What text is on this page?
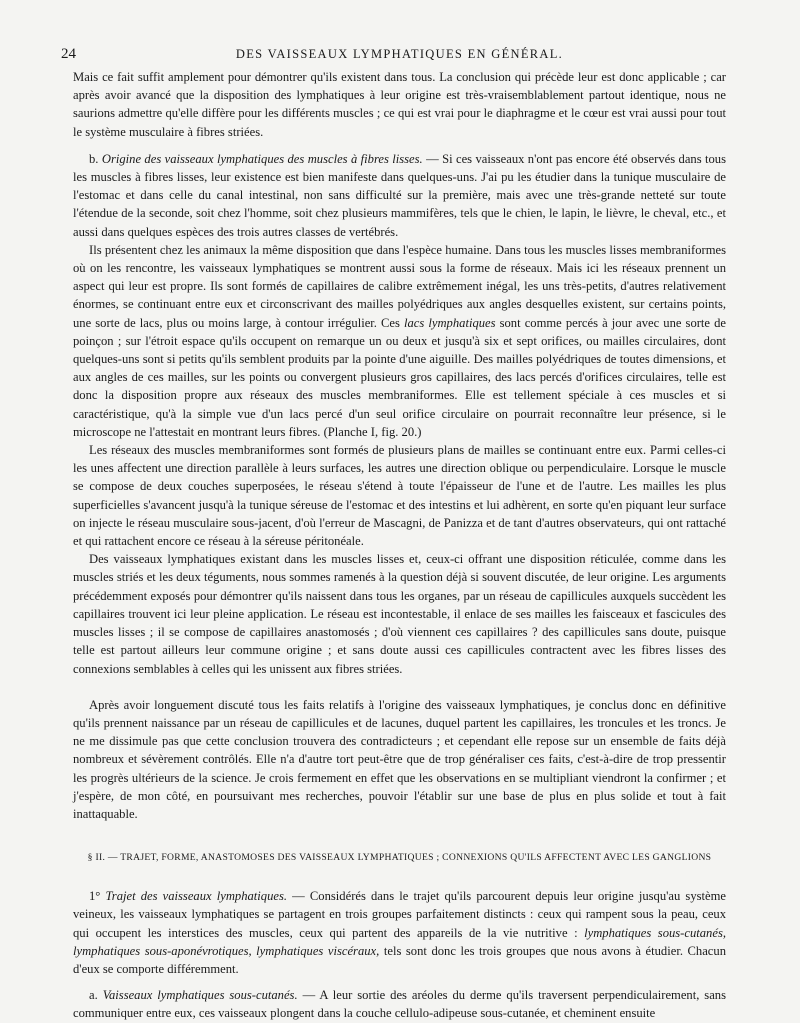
24	DES VAISSEAUX LYMPHATIQUES EN GÉNÉRAL.

Mais ce fait suffit amplement pour démontrer qu'ils existent dans tous. La conclusion qui précède leur est donc applicable ; car après avoir avancé que la disposition des lymphatiques à leur origine est très-vraisemblablement partout identique, nous ne saurions admettre qu'elle diffère pour les différents muscles ; ce qui est vrai pour le diaphragme et le cœur est vrai aussi pour tout le système musculaire à fibres striées.

b. Origine des vaisseaux lymphatiques des muscles à fibres lisses. — Si ces vaisseaux n'ont pas encore été observés dans tous les muscles à fibres lisses, leur existence est bien manifeste dans quelques-uns. J'ai pu les étudier dans la tunique musculaire de l'estomac et dans celle du canal intestinal, non sans difficulté sur la première, mais avec une très-grande netteté sur toute l'étendue de la seconde, soit chez l'homme, soit chez plusieurs mammifères, tels que le chien, le lapin, le lièvre, le cheval, etc., et aussi dans quelques espèces des trois autres classes de vertébrés.

Ils présentent chez les animaux la même disposition que dans l'espèce humaine. Dans tous les muscles lisses membraniformes où on les rencontre, les vaisseaux lymphatiques se montrent aussi sous la forme de réseaux. Mais ici les réseaux prennent un aspect qui leur est propre. Ils sont formés de capillaires de calibre extrêmement inégal, les uns très-petits, d'autres relativement énormes, se continuant entre eux et circonscrivant des mailles polyédriques aux angles desquelles existent, sur certains points, une sorte de lacs, plus ou moins large, à contour irrégulier. Ces lacs lymphatiques sont comme percés à jour avec une sorte de poinçon ; sur l'étroit espace qu'ils occupent on remarque un ou deux et jusqu'à six et sept orifices, ou mailles circulaires, dont quelques-uns sont si petits qu'ils semblent produits par la pointe d'une aiguille. Des mailles polyédriques de toutes dimensions, et aux angles de ces mailles, sur les points ou convergent plusieurs gros capillaires, des lacs percés d'orifices circulaires, telle est donc la disposition propre aux réseaux des muscles membraniformes. Elle est tellement spéciale à ces muscles et si caractéristique, qu'à la simple vue d'un lacs percé d'un seul orifice circulaire on pourrait reconnaître leur présence, si le microscope ne l'attestait en montrant leurs fibres. (Planche I, fig. 20.)

Les réseaux des muscles membraniformes sont formés de plusieurs plans de mailles se continuant entre eux. Parmi celles-ci les unes affectent une direction parallèle à leurs surfaces, les autres une direction oblique ou perpendiculaire. Lorsque le muscle se compose de deux couches superposées, le réseau s'étend à toute l'épaisseur de l'une et de l'autre. Les mailles les plus superficielles s'avancent jusqu'à la tunique séreuse de l'estomac et des intestins et lui adhèrent, en sorte qu'en piquant leur surface on injecte le réseau musculaire sous-jacent, d'où l'erreur de Mascagni, de Panizza et de tant d'autres observateurs, qui ont rattaché et qui rattachent encore ce réseau à la séreuse péritonéale.

Des vaisseaux lymphatiques existant dans les muscles lisses et, ceux-ci offrant une disposition réticulée, comme dans les muscles striés et les deux téguments, nous sommes ramenés à la question déjà si souvent discutée, de leur origine. Les arguments précédemment exposés pour démontrer qu'ils naissent dans tous les organes, par un réseau de capillicules auxquels succèdent les capillaires trouvent ici leur pleine application. Le réseau est incontestable, il enlace de ses mailles les faisceaux et fascicules des muscles lisses ; il se compose de capillaires anastomosés ; d'où viennent ces capillaires ? des capillicules sans doute, puisque telle est partout ailleurs leur commune origine ; et sans doute aussi ces capillicules contractent avec les fibres lisses des connexions semblables à celles qui les unissent aux fibres striées.

Après avoir longuement discuté tous les faits relatifs à l'origine des vaisseaux lymphatiques, je conclus donc en définitive qu'ils prennent naissance par un réseau de capillicules et de lacunes, duquel partent les capillaires, les troncules et les troncs. Je ne me dissimule pas que cette conclusion trouvera des contradicteurs ; et cependant elle repose sur un ensemble de faits déjà nombreux et sévèrement contrôlés. Elle n'a d'autre tort peut-être que de trop généraliser ces faits, c'est-à-dire de trop pressentir les progrès ultérieurs de la science. Je crois fermement en effet que les observations en se multipliant viendront la confirmer ; et j'espère, de mon côté, en poursuivant mes recherches, pouvoir l'établir sur une base de plus en plus solide et tout à fait inattaquable.

§ II. — TRAJET, FORME, ANASTOMOSES DES VAISSEAUX LYMPHATIQUES ; CONNEXIONS QU'ILS AFFECTENT AVEC LES GANGLIONS

1° Trajet des vaisseaux lymphatiques. — Considérés dans le trajet qu'ils parcourent depuis leur origine jusqu'au système veineux, les vaisseaux lymphatiques se partagent en trois groupes parfaitement distincts : ceux qui rampent sous la peau, ceux qui occupent les interstices des muscles, ceux qui partent des appareils de la vie nutritive : lymphatiques sous-cutanés, lymphatiques sous-aponévrotiques, lymphatiques viscéraux, tels sont donc les trois groupes que nous avons à étudier. Chacun d'eux se comporte différemment.

a. Vaisseaux lymphatiques sous-cutanés. — A leur sortie des aréoles du derme qu'ils traversent perpendiculairement, sans communiquer entre eux, ces vaisseaux plongent dans la couche cellulo-adipeuse sous-cutanée, et cheminent ensuite
